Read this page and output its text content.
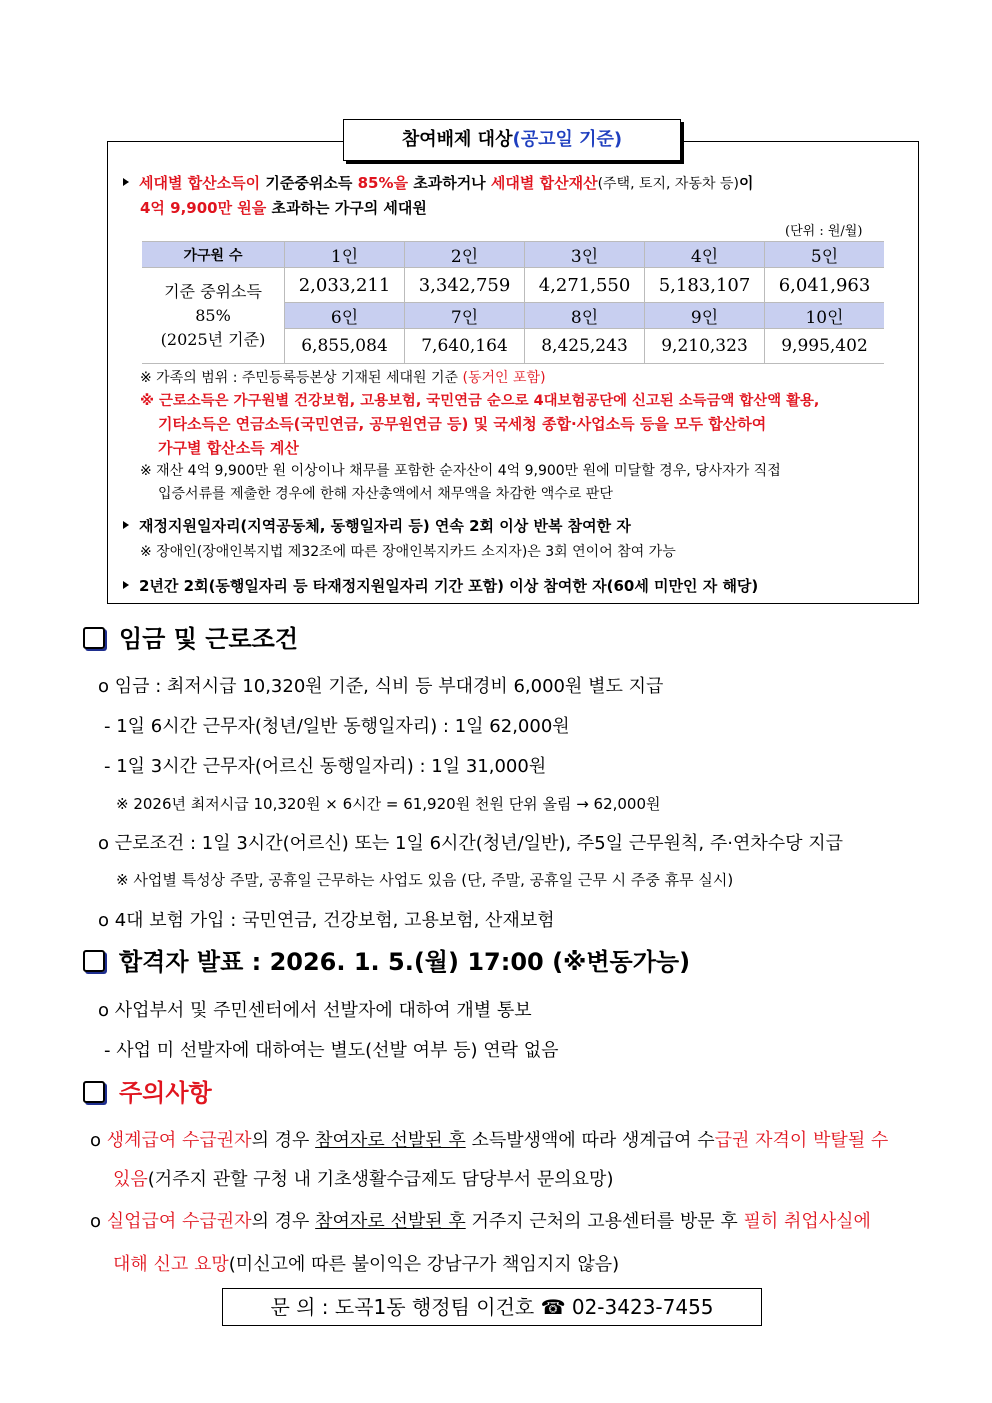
참여배제 대상(공고일 기준)
세대별 합산소득이 기준중위소득 85%을 초과하거나 세대별 합산재산(주택, 토지, 자동차 등)이
4억 9,900만 원을 초과하는 가구의 세대원
(단위 : 원/월)
가구원 수	1인	2인	3인	4인	5인

기준 중위소득
85%
(2025년 기준)	2,033,211	3,342,759	4,271,550	5,183,107	6,041,963
	6인	7인	8인	9인	10인
	6,855,084	7,640,164	8,425,243	9,210,323	9,995,402
※ 가족의 범위 : 주민등록등본상 기재된 세대원 기준 (동거인 포함)
※ 근로소득은 가구원별 건강보험, 고용보험, 국민연금 순으로 4대보험공단에 신고된 소득금액 합산액 활용,
기타소득은 연금소득(국민연금, 공무원연금 등) 및 국세청 종합·사업소득 등을 모두 합산하여
가구별 합산소득 계산
※ 재산 4억 9,900만 원 이상이나 채무를 포함한 순자산이 4억 9,900만 원에 미달할 경우, 당사자가 직접
입증서류를 제출한 경우에 한해 자산총액에서 채무액을 차감한 액수로 판단
재정지원일자리(지역공동체, 동행일자리 등) 연속 2회 이상 반복 참여한 자
※ 장애인(장애인복지법 제32조에 따른 장애인복지카드 소지자)은 3회 연이어 참여 가능
2년간 2회(동행일자리 등 타재정지원일자리 기간 포함) 이상 참여한 자(60세 미만인 자 해당)
임금 및 근로조건
o 임금 : 최저시급 10,320원 기준, 식비 등 부대경비 6,000원 별도 지급
- 1일 6시간 근무자(청년/일반 동행일자리) : 1일 62,000원
- 1일 3시간 근무자(어르신 동행일자리) : 1일 31,000원
※ 2026년 최저시급 10,320원 × 6시간 = 61,920원 천원 단위 올림 → 62,000원
o 근로조건 : 1일 3시간(어르신) 또는 1일 6시간(청년/일반), 주5일 근무원칙, 주·연차수당 지급
※ 사업별 특성상 주말, 공휴일 근무하는 사업도 있음 (단, 주말, 공휴일 근무 시 주중 휴무 실시)
o 4대 보험 가입 : 국민연금, 건강보험, 고용보험, 산재보험
합격자 발표 : 2026. 1. 5.(월) 17:00 (※변동가능)
o 사업부서 및 주민센터에서 선발자에 대하여 개별 통보
- 사업 미 선발자에 대하여는 별도(선발 여부 등) 연락 없음
주의사항
o 생계급여 수급권자의 경우 참여자로 선발된 후 소득발생액에 따라 생계급여 수급권 자격이 박탈될 수
있음(거주지 관할 구청 내 기초생활수급제도 담당부서 문의요망)
o 실업급여 수급권자의 경우 참여자로 선발된 후 거주지 근처의 고용센터를 방문 후 필히 취업사실에
대해 신고 요망(미신고에 따른 불이익은 강남구가 책임지지 않음)
문 의 : 도곡1동 행정팀 이건호 ☎ 02-3423-7455
